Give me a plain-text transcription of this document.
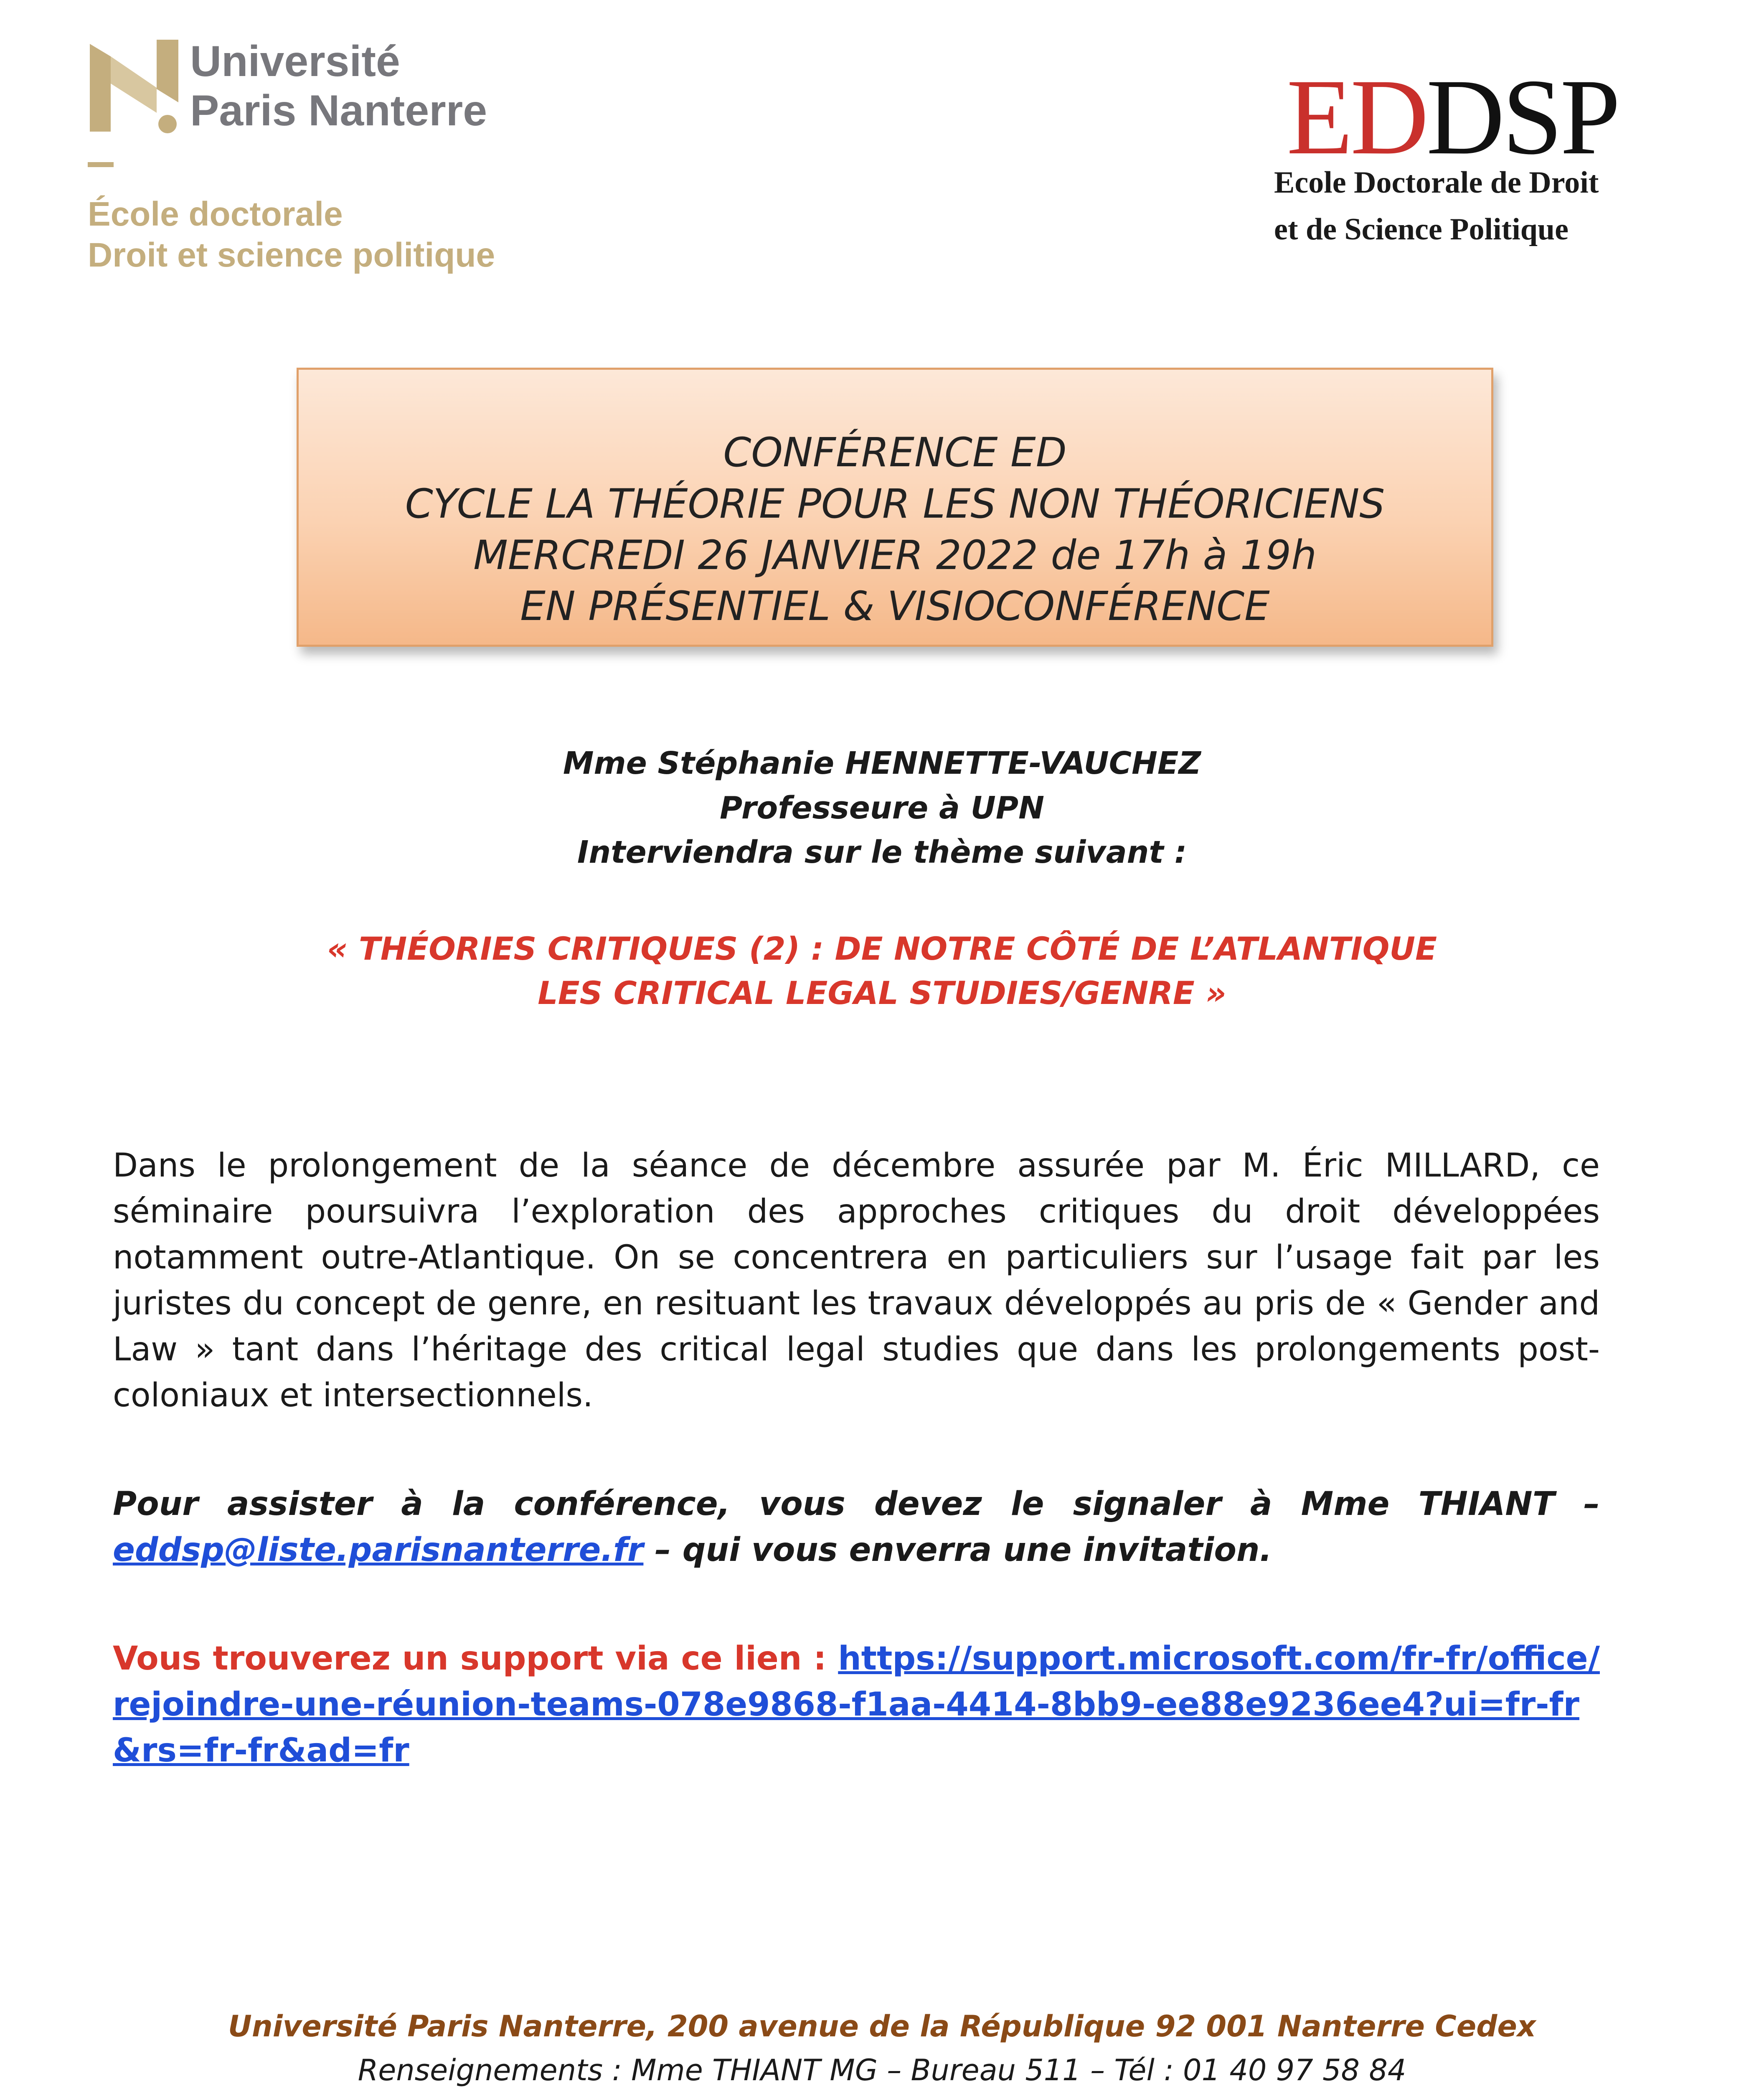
Université
Paris Nanterre
École doctorale
Droit et science politique
EDDSP
Ecole Doctorale de Droit
et de Science Politique
CONFÉRENCE ED
CYCLE LA THÉORIE POUR LES NON THÉORICIENS
MERCREDI 26 JANVIER 2022 de 17h à 19h
EN PRÉSENTIEL & VISIOCONFÉRENCE
Mme Stéphanie HENNETTE-VAUCHEZ
Professeure à UPN
Interviendra sur le thème suivant :
« THÉORIES CRITIQUES (2) : DE NOTRE CÔTÉ DE L’ATLANTIQUE
LES CRITICAL LEGAL STUDIES/GENRE »
Dans le prolongement de la séance de décembre assurée par M. Éric MILLARD, ce séminaire poursuivra l’exploration des approches critiques du droit développées notamment outre-Atlantique. On se concentrera en particuliers sur l’usage fait par les juristes du concept de genre, en resituant les travaux développés au pris de « Gender and Law » tant dans l’héritage des critical legal studies que dans les prolongements post-coloniaux et intersectionnels.
Pour assister à la conférence, vous devez le signaler à Mme THIANT – eddsp@liste.parisnanterre.fr – qui vous enverra une invitation.
Vous trouverez un support via ce lien : https://support.microsoft.com/fr-fr/office/rejoindre-une-réunion-teams-078e9868-f1aa-4414-8bb9-ee88e9236ee4?ui=fr-fr&rs=fr-fr&ad=fr
Université Paris Nanterre, 200 avenue de la République 92 001 Nanterre Cedex
Renseignements : Mme THIANT MG – Bureau 511 – Tél : 01 40 97 58 84
